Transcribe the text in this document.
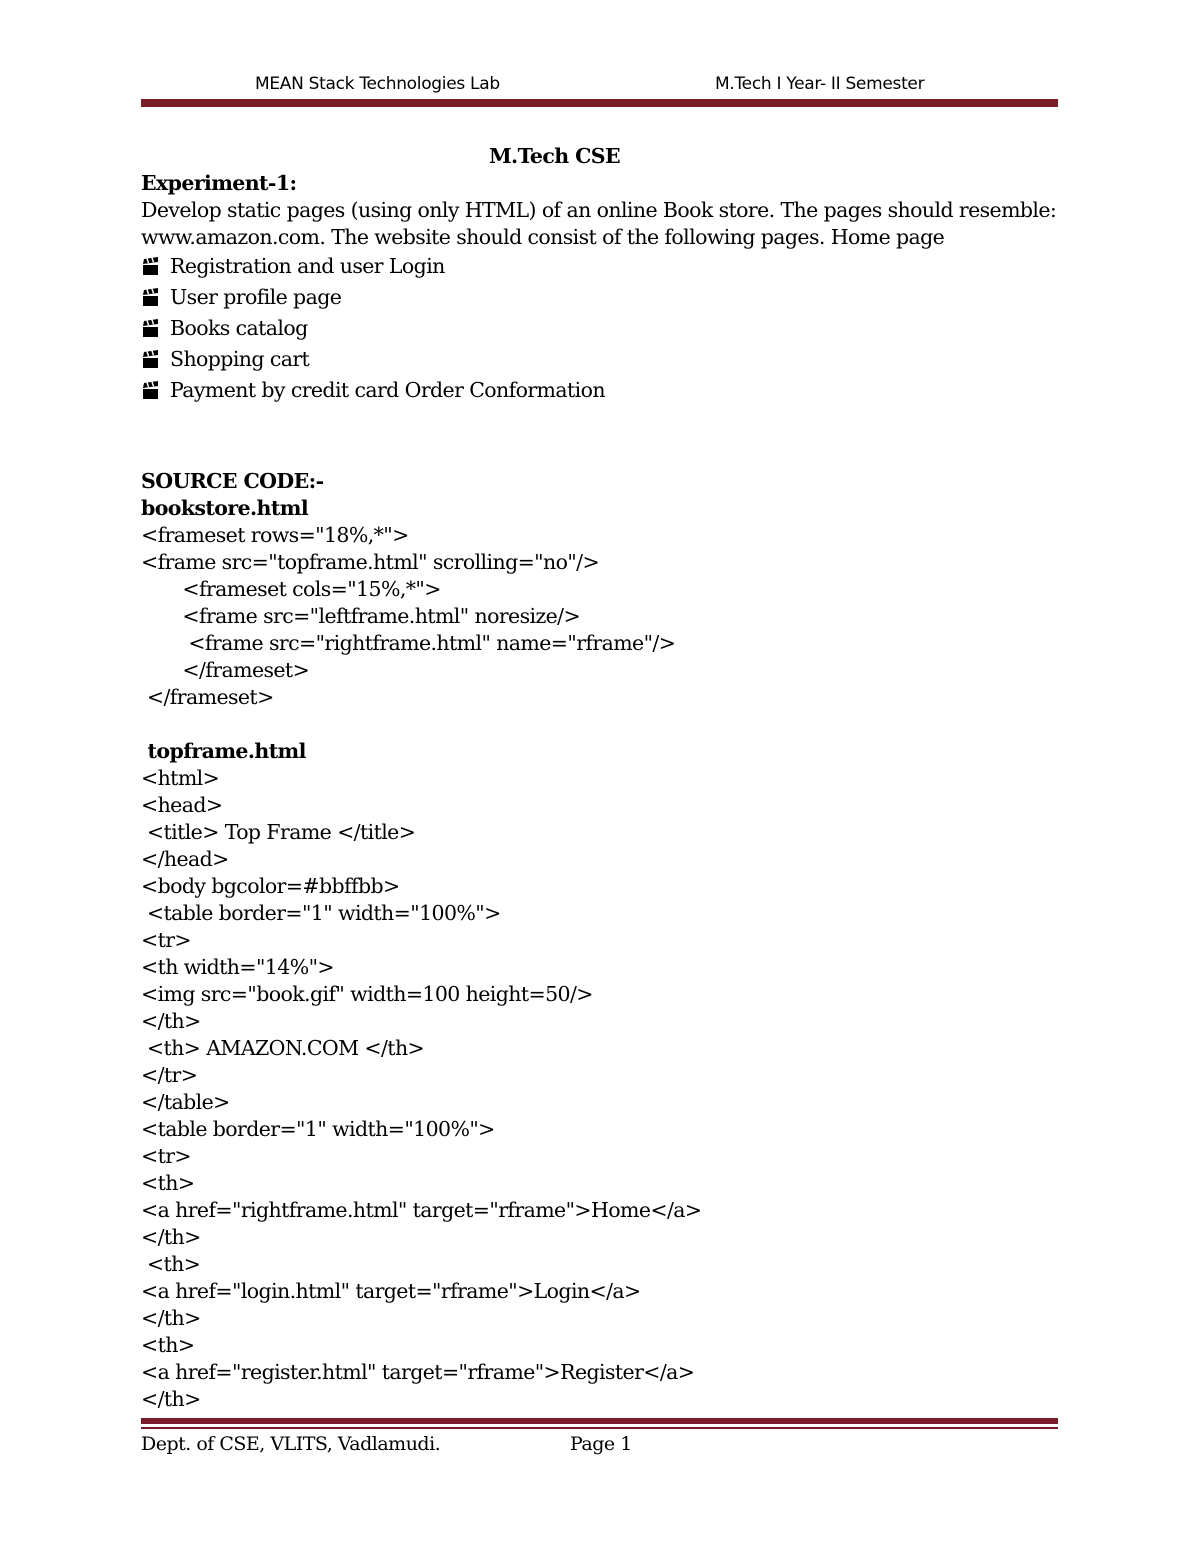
MEAN Stack Technologies Lab	M.Tech I Year- II Semester
M.Tech CSE
Experiment-1:
Develop static pages (using only HTML) of an online Book store. The pages should resemble:
www.amazon.com. The website should consist of the following pages. Home page
Registration and user Login
User profile page
Books catalog
Shopping cart
Payment by credit card Order Conformation
SOURCE CODE:-
bookstore.html
<frameset rows="18%,*">
<frame src="topframe.html" scrolling="no"/>
<frameset cols="15%,*">
<frame src="leftframe.html" noresize/>
<frame src="rightframe.html" name="rframe"/>
</frameset>
</frameset>
topframe.html
<html>
<head>
<title> Top Frame </title>
</head>
<body bgcolor=#bbffbb>
<table border="1" width="100%">
<tr>
<th width="14%">
<img src="book.gif" width=100 height=50/>
</th>
<th> AMAZON.COM </th>
</tr>
</table>
<table border="1" width="100%">
<tr>
<th>
<a href="rightframe.html" target="rframe">Home</a>
</th>
<th>
<a href="login.html" target="rframe">Login</a>
</th>
<th>
<a href="register.html" target="rframe">Register</a>
</th>
Dept. of CSE, VLITS, Vadlamudi.	Page 1
